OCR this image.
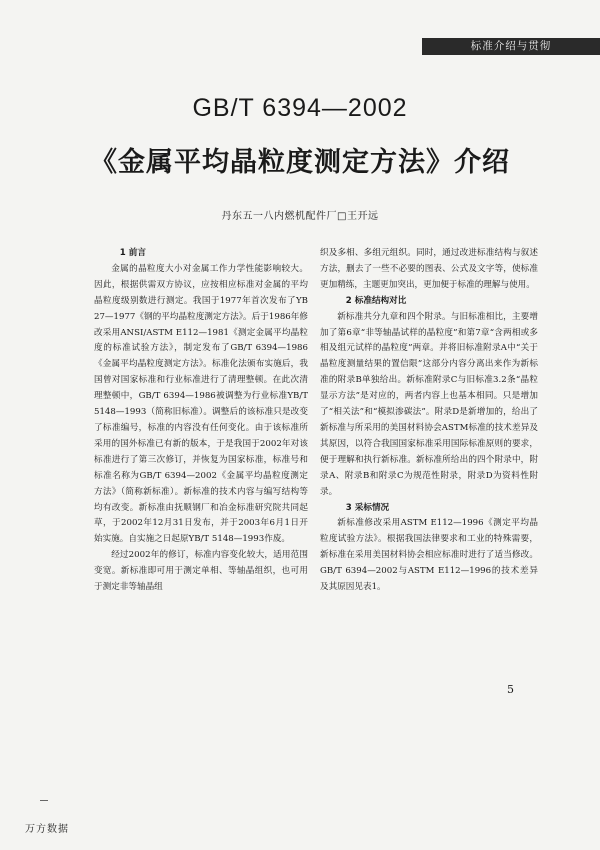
标准介绍与贯彻
GB/T 6394—2002
《金属平均晶粒度测定方法》介绍
丹东五一八内燃机配件厂□王开远
1 前言

金属的晶粒度大小对金属工作力学性能影响较大。因此，根据供需双方协议，应按相应标准对金属的平均晶粒度级别数进行测定。我国于1977年首次发布了YB 27—1977《钢的平均晶粒度测定方法》。后于1986年修改采用ANSI/ASTM E112—1981《测定金属平均晶粒度的标准试验方法》，制定发布了GB/T 6394—1986《金属平均晶粒度测定方法》。标准化法颁布实施后，我国曾对国家标准和行业标准进行了清理整顿。在此次清理整顿中，GB/T 6394—1986被调整为行业标准YB/T 5148—1993（简称旧标准）。调整后的该标准只是改变了标准编号，标准的内容没有任何变化。由于该标准所采用的国外标准已有新的版本，于是我国于2002年对该标准进行了第三次修订，并恢复为国家标准，标准号和标准名称为GB/T 6394—2002《金属平均晶粒度测定方法》（简称新标准）。新标准的技术内容与编写结构等均有改变。新标准由抚顺钢厂和冶金标准研究院共同起草，于2002年12月31日发布，并于2003年6月1日开始实施。自实施之日起原YB/T 5148—1993作废。

经过2002年的修订，标准内容变化较大，适用范围变宽。新标准即可用于测定单相、等轴晶组织，也可用于测定非等轴晶组

织及多相、多组元组织。同时，通过改进标准结构与叙述方法，删去了一些不必要的图表、公式及文字等，使标准更加精练，主题更加突出，更加便于标准的理解与使用。

2 标准结构对比

新标准共分九章和四个附录。与旧标准相比，主要增加了第6章“非等轴晶试样的晶粒度”和第7章“含两相或多相及组元试样的晶粒度”两章。并将旧标准附录A中“关于晶粒度测量结果的置信限”这部分内容分离出来作为新标准的附录B单独给出。新标准附录C与旧标准3.2条“晶粒显示方法”是对应的，两者内容上也基本相同。只是增加了“相关法”和“模拟渗碳法”。附录D是新增加的，给出了新标准与所采用的美国材料协会ASTM标准的技术差异及其原因，以符合我国国家标准采用国际标准原则的要求，便于理解和执行新标准。新标准所给出的四个附录中，附录A、附录B和附录C为规范性附录，附录D为资料性附录。

3 采标情况

新标准修改采用ASTM E112—1996《测定平均晶粒度试验方法》。根据我国法律要求和工业的特殊需要，新标准在采用美国材料协会相应标准时进行了适当修改。GB/T 6394—2002与ASTM E112—1996的技术差异及其原因见表1。

5
万方数据
